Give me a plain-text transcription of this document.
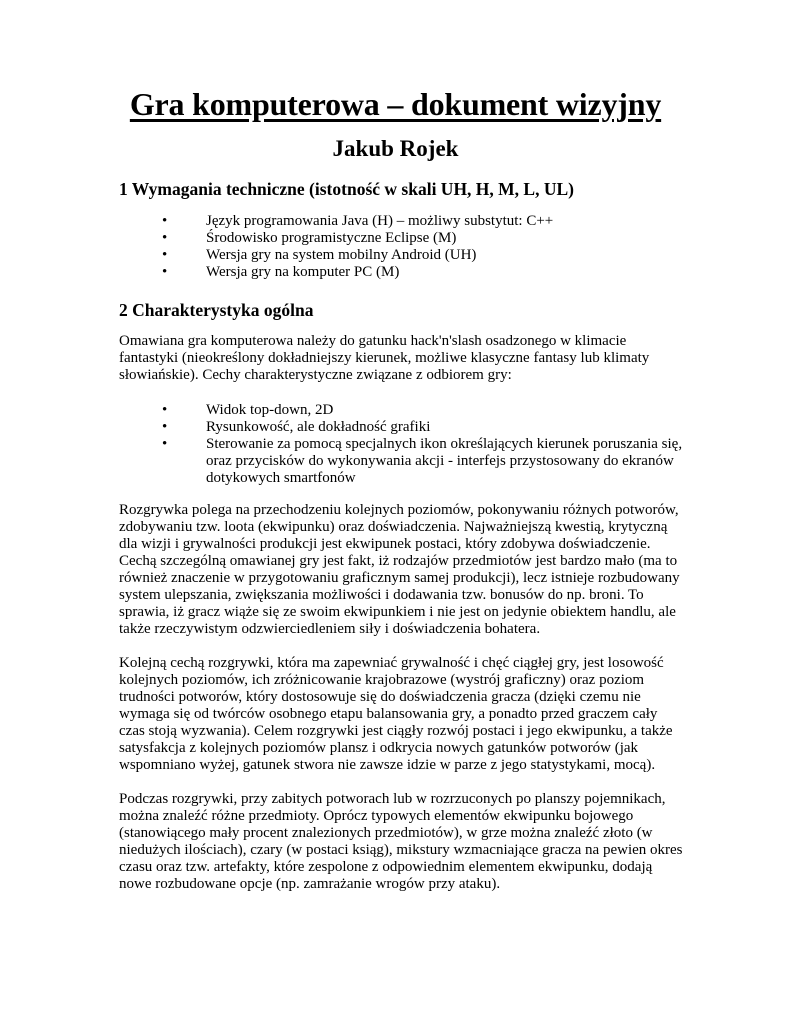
Gra komputerowa – dokument wizyjny
Jakub Rojek
1 Wymagania techniczne (istotność w skali UH, H, M, L, UL)
•	Język programowania Java (H) – możliwy substytut: C++
•	Środowisko programistyczne Eclipse (M)
•	Wersja gry na system mobilny Android (UH)
•	Wersja gry na komputer PC (M)
2 Charakterystyka ogólna

Omawiana gra komputerowa należy do gatunku hack'n'slash osadzonego w klimacie
fantastyki (nieokreślony dokładniejszy kierunek, możliwe klasyczne fantasy lub klimaty
słowiańskie). Cechy charakterystyczne związane z odbiorem gry:

•	Widok top-down, 2D
•	Rysunkowość, ale dokładność grafiki
•	Sterowanie za pomocą specjalnych ikon określających kierunek poruszania się,
oraz przycisków do wykonywania akcji - interfejs przystosowany do ekranów
dotykowych smartfonów

Rozgrywka polega na przechodzeniu kolejnych poziomów, pokonywaniu różnych potworów,
zdobywaniu tzw. loota (ekwipunku) oraz doświadczenia. Najważniejszą kwestią, krytyczną
dla wizji i grywalności produkcji jest ekwipunek postaci, który zdobywa doświadczenie.
Cechą szczególną omawianej gry jest fakt, iż rodzajów przedmiotów jest bardzo mało (ma to
również znaczenie w przygotowaniu graficznym samej produkcji), lecz istnieje rozbudowany
system ulepszania, zwiększania możliwości i dodawania tzw. bonusów do np. broni. To
sprawia, iż gracz wiąże się ze swoim ekwipunkiem i nie jest on jedynie obiektem handlu, ale
także rzeczywistym odzwierciedleniem siły i doświadczenia bohatera.

Kolejną cechą rozgrywki, która ma zapewniać grywalność i chęć ciągłej gry, jest losowość
kolejnych poziomów, ich zróżnicowanie krajobrazowe (wystrój graficzny) oraz poziom
trudności potworów, który dostosowuje się do doświadczenia gracza (dzięki czemu nie
wymaga się od twórców osobnego etapu balansowania gry, a ponadto przed graczem cały
czas stoją wyzwania). Celem rozgrywki jest ciągły rozwój postaci i jego ekwipunku, a także
satysfakcja z kolejnych poziomów plansz i odkrycia nowych gatunków potworów (jak
wspomniano wyżej, gatunek stwora nie zawsze idzie w parze z jego statystykami, mocą).

Podczas rozgrywki, przy zabitych potworach lub w rozrzuconych po planszy pojemnikach,
można znaleźć różne przedmioty. Oprócz typowych elementów ekwipunku bojowego
(stanowiącego mały procent znalezionych przedmiotów), w grze można znaleźć złoto (w
niedużych ilościach), czary (w postaci ksiąg), mikstury wzmacniające gracza na pewien okres
czasu oraz tzw. artefakty, które zespolone z odpowiednim elementem ekwipunku, dodają
nowe rozbudowane opcje (np. zamrażanie wrogów przy ataku).
